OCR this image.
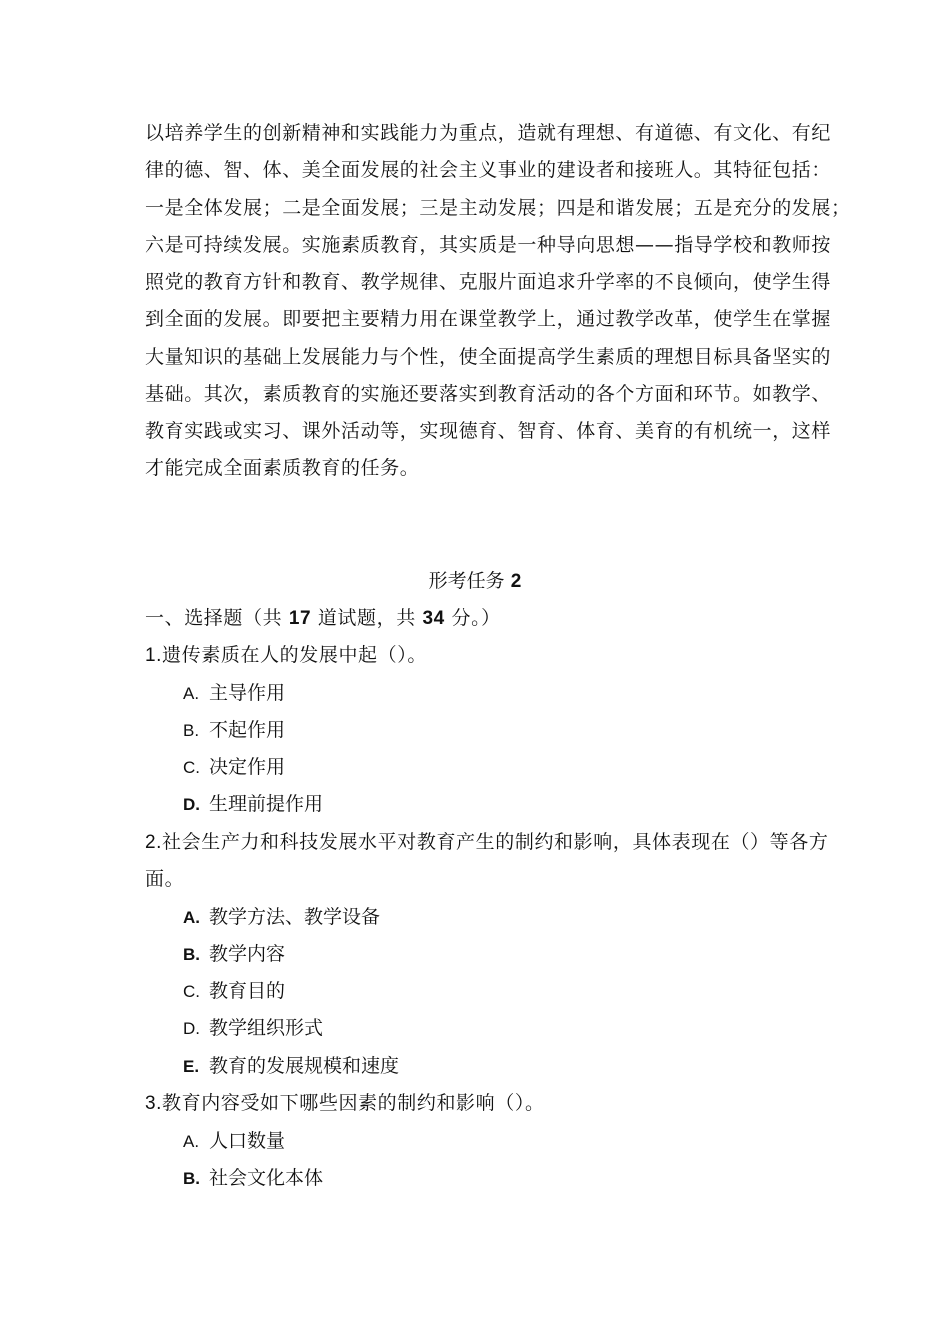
以培养学生的创新精神和实践能力为重点，造就有理想、有道德、有文化、有纪
律的德、智、体、美全面发展的社会主义事业的建设者和接班人。其特征包括：
一是全体发展；二是全面发展；三是主动发展；四是和谐发展；五是充分的发展；
六是可持续发展。实施素质教育，其实质是一种导向思想——指导学校和教师按
照党的教育方针和教育、教学规律、克服片面追求升学率的不良倾向，使学生得
到全面的发展。即要把主要精力用在课堂教学上，通过教学改革，使学生在掌握
大量知识的基础上发展能力与个性，使全面提高学生素质的理想目标具备坚实的
基础。其次，素质教育的实施还要落实到教育活动的各个方面和环节。如教学、
教育实践或实习、课外活动等，实现德育、智育、体育、美育的有机统一，这样
才能完成全面素质教育的任务。
形考任务 2
一、选择题（共 17 道试题，共 34 分。）
1.遗传素质在人的发展中起（）。
A. 主导作用
B. 不起作用
C. 决定作用
D. 生理前提作用
2.社会生产力和科技发展水平对教育产生的制约和影响，具体表现在（）等各方
面。
A. 教学方法、教学设备
B. 教学内容
C. 教育目的
D. 教学组织形式
E. 教育的发展规模和速度
3.教育内容受如下哪些因素的制约和影响（）。
A. 人口数量
B. 社会文化本体
